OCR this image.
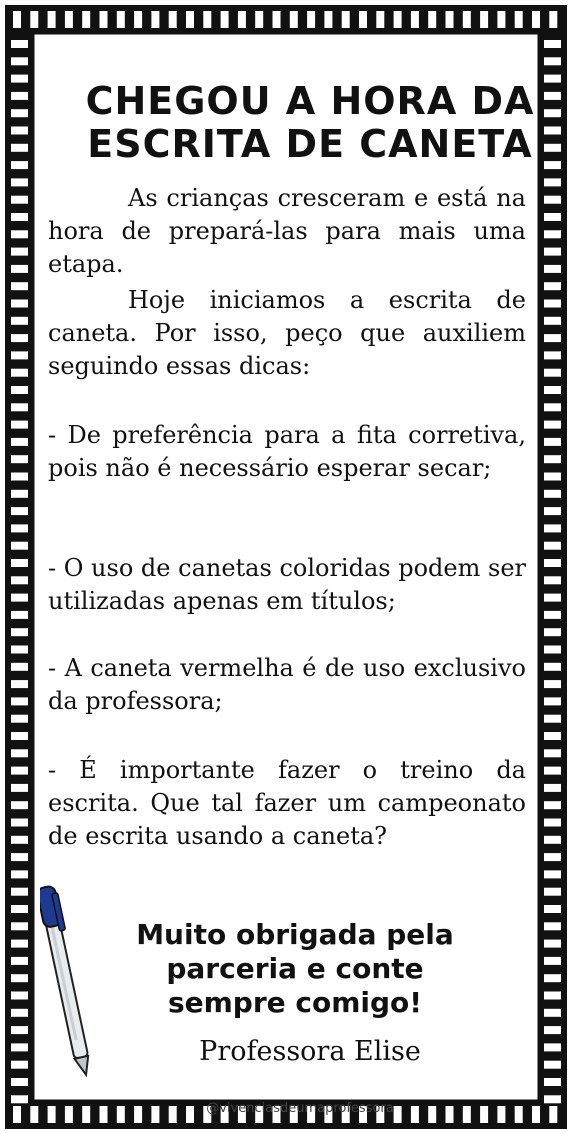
CHEGOU A HORA DA
ESCRITA DE CANETA

As crianças cresceram e está na hora de prepará-las para mais uma etapa.

Hoje iniciamos a escrita de caneta. Por isso, peço que auxiliem seguindo essas dicas:

- De preferência para a fita corretiva, pois não é necessário esperar secar;

- O uso de canetas coloridas podem ser utilizadas apenas em títulos;

- A caneta vermelha é de uso exclusivo da professora;

- É importante fazer o treino da escrita. Que tal fazer um campeonato de escrita usando a caneta?

Muito obrigada pela parceria e conte sempre comigo!

Professora Elise

@vivenciasdeumaprofessora
